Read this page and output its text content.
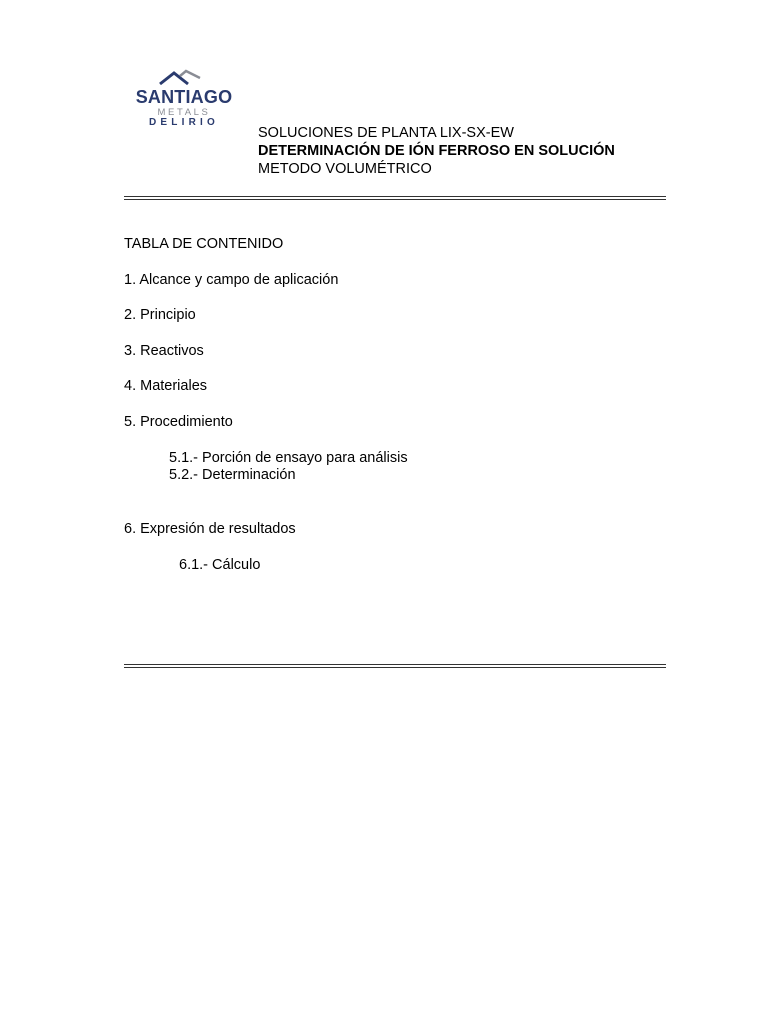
SANTIAGO
METALS
DELIRIO
SOLUCIONES DE PLANTA LIX-SX-EW
DETERMINACIÓN DE IÓN FERROSO EN SOLUCIÓN
METODO VOLUMÉTRICO
TABLA DE CONTENIDO
1. Alcance y campo de aplicación
2. Principio
3. Reactivos
4. Materiales
5. Procedimiento
5.1.- Porción de ensayo para análisis
5.2.- Determinación
6. Expresión de resultados
6.1.- Cálculo
